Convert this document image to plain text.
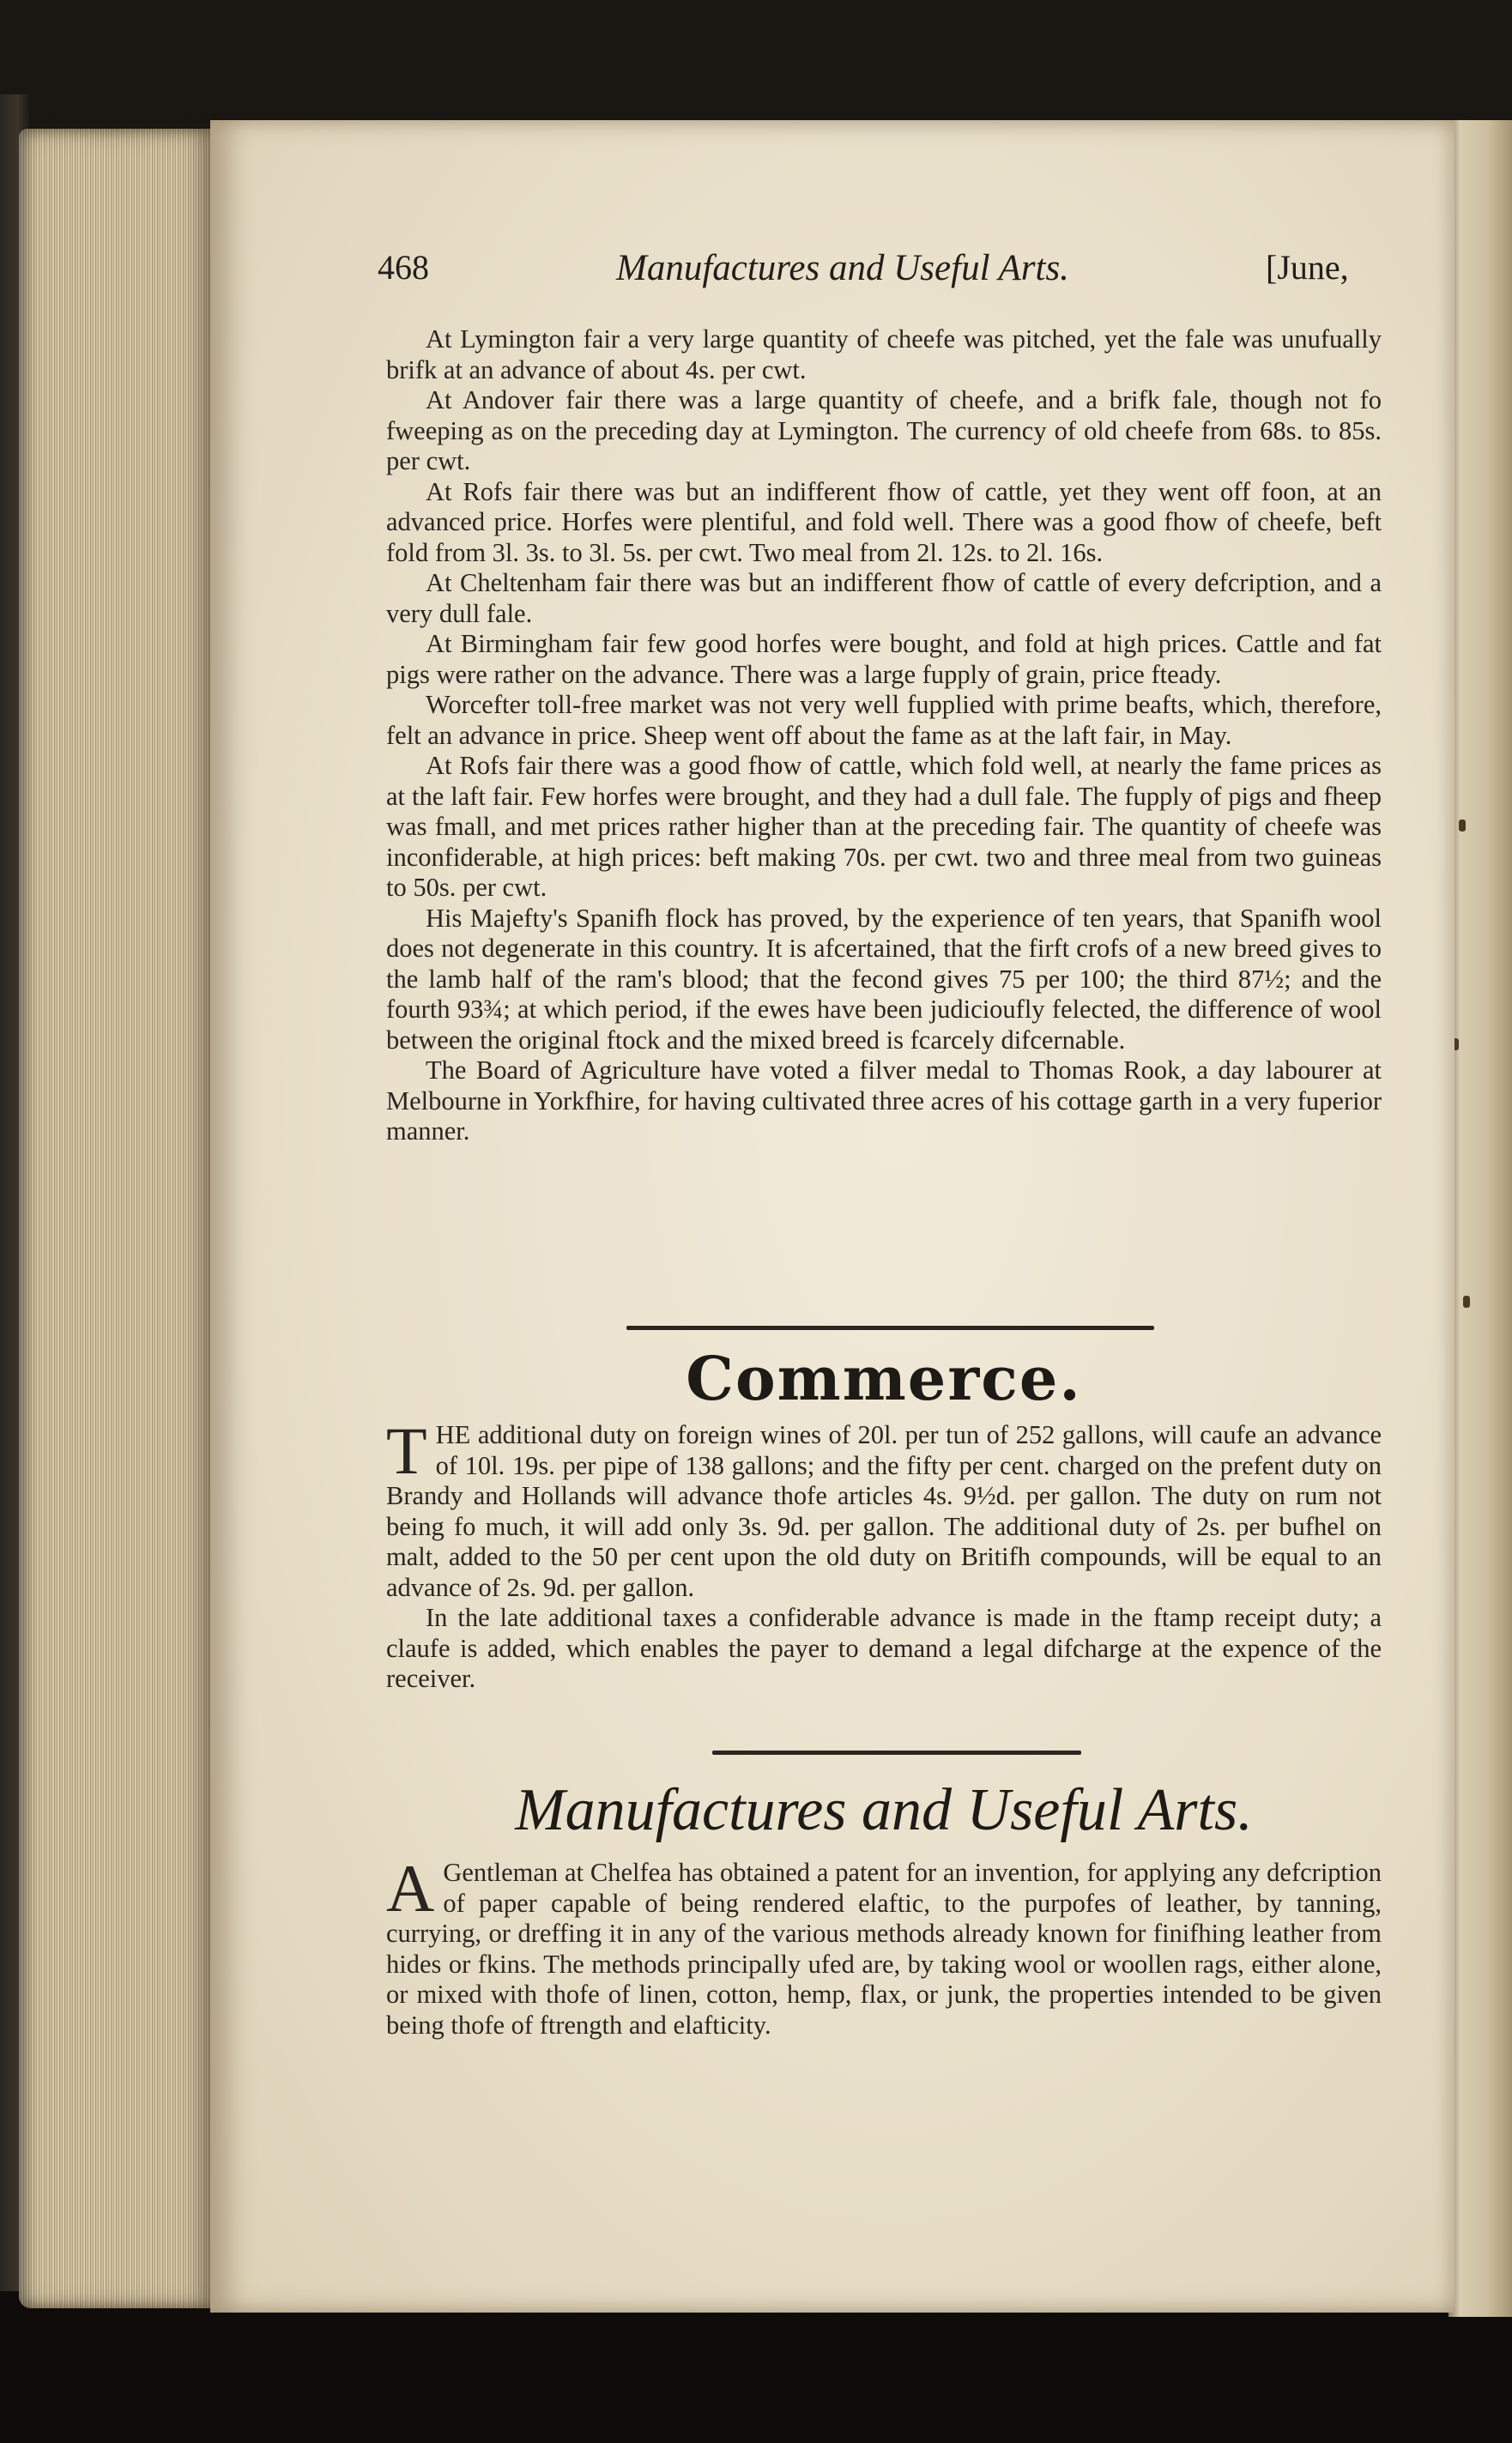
468	Manufactures and Useful Arts.	[June,

At Lymington fair a very large quantity of cheefe was pitched, yet the fale was unufually brifk at an advance of about 4s. per cwt.

At Andover fair there was a large quantity of cheefe, and a brifk fale, though not fo fweeping as on the preceding day at Lymington. The currency of old cheefe from 68s. to 85s. per cwt.

At Rofs fair there was but an indifferent fhow of cattle, yet they went off foon, at an advanced price. Horfes were plentiful, and fold well. There was a good fhow of cheefe, beft fold from 3l. 3s. to 3l. 5s. per cwt. Two meal from 2l. 12s. to 2l. 16s.

At Cheltenham fair there was but an indifferent fhow of cattle of every defcription, and a very dull fale.

At Birmingham fair few good horfes were bought, and fold at high prices. Cattle and fat pigs were rather on the advance. There was a large fupply of grain, price fteady.

Worcefter toll-free market was not very well fupplied with prime beafts, which, therefore, felt an advance in price. Sheep went off about the fame as at the laft fair, in May.

At Rofs fair there was a good fhow of cattle, which fold well, at nearly the fame prices as at the laft fair. Few horfes were brought, and they had a dull fale. The fupply of pigs and fheep was fmall, and met prices rather higher than at the preceding fair. The quantity of cheefe was inconfiderable, at high prices: beft making 70s. per cwt. two and three meal from two guineas to 50s. per cwt.

His Majefty's Spanifh flock has proved, by the experience of ten years, that Spanifh wool does not degenerate in this country. It is afcertained, that the firft crofs of a new breed gives to the lamb half of the ram's blood; that the fecond gives 75 per 100; the third 87½; and the fourth 93¾; at which period, if the ewes have been judicioufly felected, the difference of wool between the original ftock and the mixed breed is fcarcely difcernable.

The Board of Agriculture have voted a filver medal to Thomas Rook, a day labourer at Melbourne in Yorkfhire, for having cultivated three acres of his cottage garth in a very fuperior manner.

Commerce.

THE additional duty on foreign wines of 20l. per tun of 252 gallons, will caufe an advance of 10l. 19s. per pipe of 138 gallons; and the fifty per cent. charged on the prefent duty on Brandy and Hollands will advance thofe articles 4s. 9½d. per gallon. The duty on rum not being fo much, it will add only 3s. 9d. per gallon. The additional duty of 2s. per bufhel on malt, added to the 50 per cent upon the old duty on Britifh compounds, will be equal to an advance of 2s. 9d. per gallon.

In the late additional taxes a confiderable advance is made in the ftamp receipt duty; a claufe is added, which enables the payer to demand a legal difcharge at the expence of the receiver.

Manufactures and Useful Arts.

A Gentleman at Chelfea has obtained a patent for an invention, for applying any defcription of paper capable of being rendered elaftic, to the purpofes of leather, by tanning, currying, or dreffing it in any of the various methods already known for finifhing leather from hides or fkins. The methods principally ufed are, by taking wool or woollen rags, either alone, or mixed with thofe of linen, cotton, hemp, flax, or junk, the properties intended to be given being thofe of ftrength and elafticity.
